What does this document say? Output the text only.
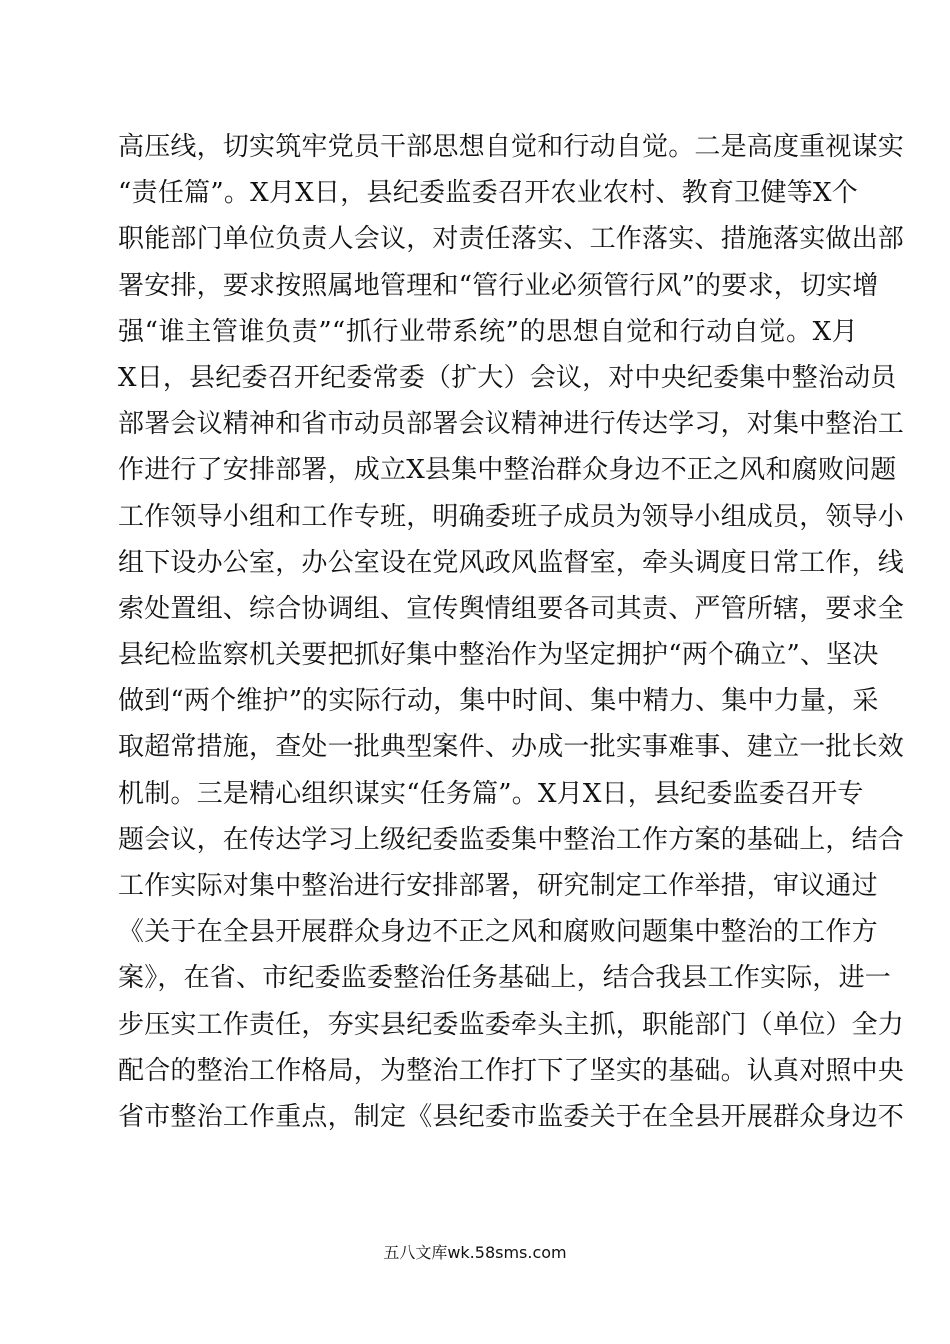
高压线，切实筑牢党员干部思想自觉和行动自觉。二是高度重视谋实
“责任篇”。X月X日，县纪委监委召开农业农村、教育卫健等X个
职能部门单位负责人会议，对责任落实、工作落实、措施落实做出部
署安排，要求按照属地管理和“管行业必须管行风”的要求，切实增
强“谁主管谁负责”“抓行业带系统”的思想自觉和行动自觉。X月
X日，县纪委召开纪委常委（扩大）会议，对中央纪委集中整治动员
部署会议精神和省市动员部署会议精神进行传达学习，对集中整治工
作进行了安排部署，成立X县集中整治群众身边不正之风和腐败问题
工作领导小组和工作专班，明确委班子成员为领导小组成员，领导小
组下设办公室，办公室设在党风政风监督室，牵头调度日常工作，线
索处置组、综合协调组、宣传舆情组要各司其责、严管所辖，要求全
县纪检监察机关要把抓好集中整治作为坚定拥护“两个确立”、坚决
做到“两个维护”的实际行动，集中时间、集中精力、集中力量，采
取超常措施，查处一批典型案件、办成一批实事难事、建立一批长效
机制。三是精心组织谋实“任务篇”。X月X日，县纪委监委召开专
题会议，在传达学习上级纪委监委集中整治工作方案的基础上，结合
工作实际对集中整治进行安排部署，研究制定工作举措，审议通过
《关于在全县开展群众身边不正之风和腐败问题集中整治的工作方
案》，在省、市纪委监委整治任务基础上，结合我县工作实际，进一
步压实工作责任，夯实县纪委监委牵头主抓，职能部门（单位）全力
配合的整治工作格局，为整治工作打下了坚实的基础。认真对照中央
省市整治工作重点，制定《县纪委市监委关于在全县开展群众身边不
五八文库wk.58sms.com
